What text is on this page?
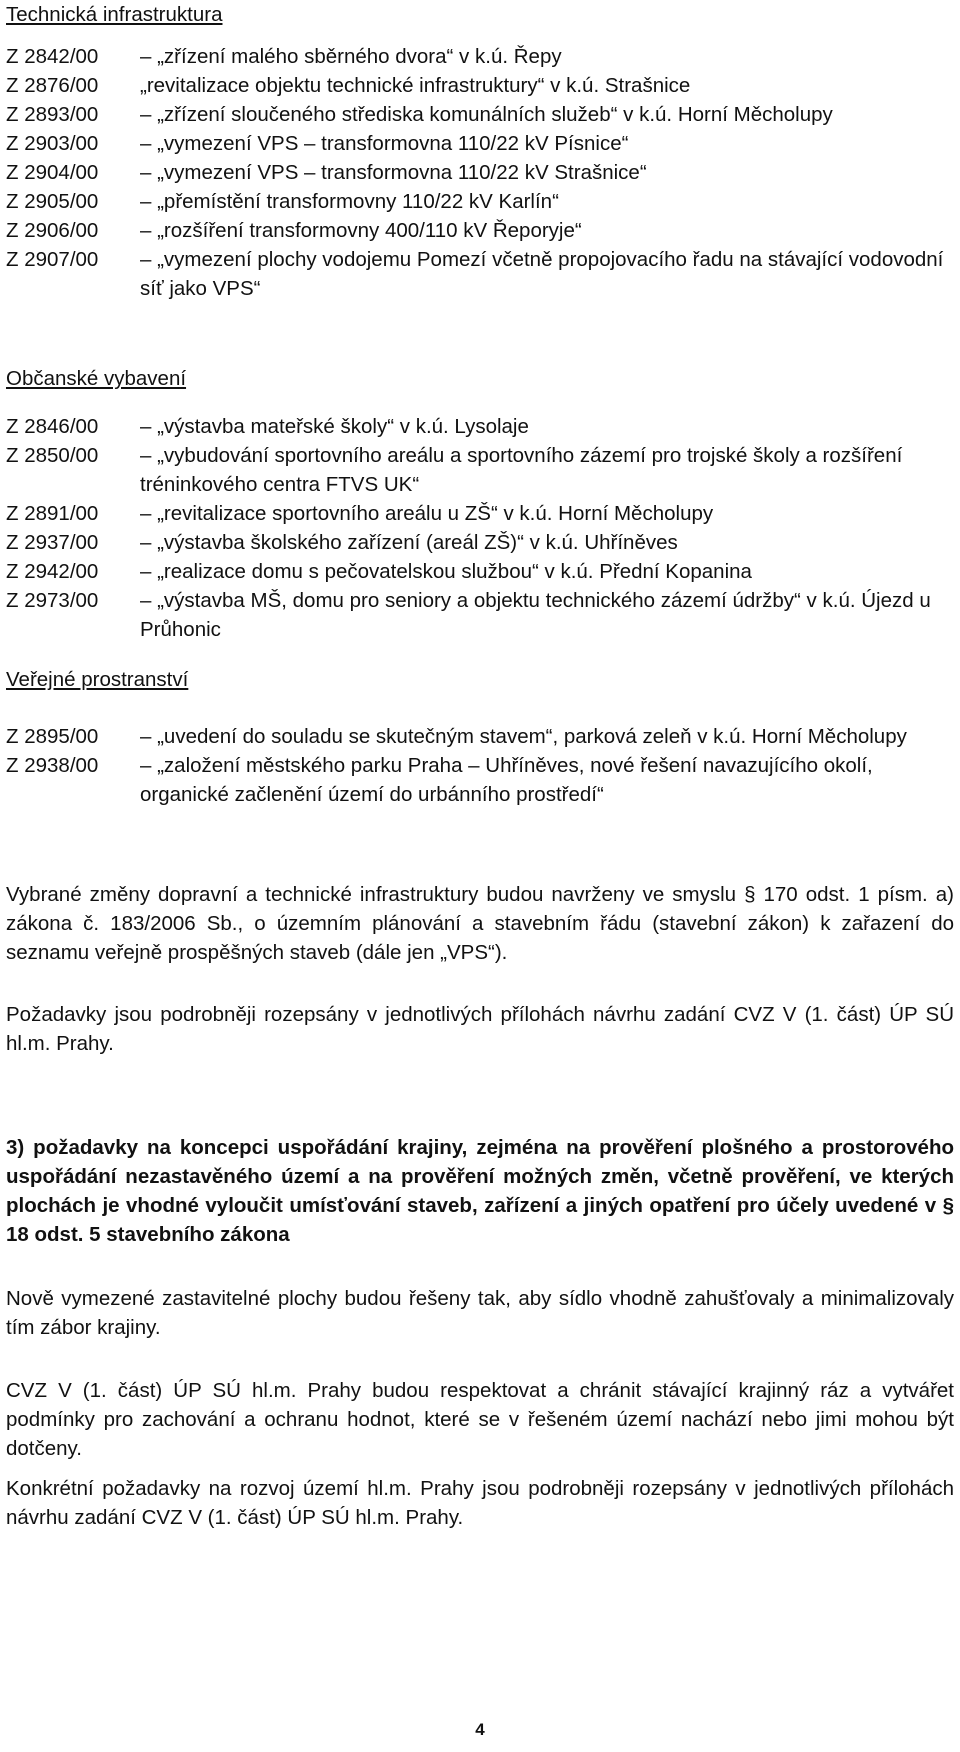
Technická infrastruktura
Z 2842/00	– „zřízení malého sběrného dvora“ v k.ú. Řepy
Z 2876/00	„revitalizace objektu technické infrastruktury“ v k.ú. Strašnice
Z 2893/00	– „zřízení sloučeného střediska komunálních služeb“ v k.ú. Horní Měcholupy
Z 2903/00	– „vymezení VPS – transformovna 110/22 kV Písnice“
Z 2904/00	– „vymezení VPS – transformovna 110/22 kV Strašnice“
Z 2905/00	– „přemístění transformovny 110/22 kV Karlín“
Z 2906/00	– „rozšíření transformovny 400/110 kV Řeporyje“
Z 2907/00	– „vymezení plochy vodojemu Pomezí včetně propojovacího řadu na stávající vodovodní síť jako VPS“
Občanské vybavení
Z 2846/00	– „výstavba mateřské školy“ v k.ú. Lysolaje
Z 2850/00	– „vybudování sportovního areálu a sportovního zázemí pro trojské školy a rozšíření tréninkového centra FTVS UK“
Z 2891/00	– „revitalizace sportovního areálu u ZŠ“ v k.ú. Horní Měcholupy
Z 2937/00	– „výstavba školského zařízení (areál ZŠ)“ v k.ú. Uhříněves
Z 2942/00	– „realizace domu s pečovatelskou službou“ v k.ú. Přední Kopanina
Z 2973/00	– „výstavba MŠ, domu pro seniory a objektu technického zázemí údržby“ v k.ú. Újezd u Průhonic
Veřejné prostranství
Z 2895/00	– „uvedení do souladu se skutečným stavem“, parková zeleň v k.ú. Horní Měcholupy
Z 2938/00	– „založení městského parku Praha – Uhříněves, nové řešení navazujícího okolí, organické začlenění území do urbánního prostředí“

Vybrané změny dopravní a technické infrastruktury budou navrženy ve smyslu § 170 odst. 1 písm. a) zákona č. 183/2006 Sb., o územním plánování a stavebním řádu (stavební zákon) k zařazení do seznamu veřejně prospěšných staveb (dále jen „VPS“).

Požadavky jsou podrobněji rozepsány v jednotlivých přílohách návrhu zadání CVZ V (1. část) ÚP SÚ hl.m. Prahy.

3) požadavky na koncepci uspořádání krajiny, zejména na prověření plošného a prostorového uspořádání nezastavěného území a na prověření možných změn, včetně prověření, ve kterých plochách je vhodné vyloučit umísťování staveb, zařízení a jiných opatření pro účely uvedené v § 18 odst. 5 stavebního zákona

Nově vymezené zastavitelné plochy budou řešeny tak, aby sídlo vhodně zahušťovaly a minimalizovaly tím zábor krajiny.

CVZ V (1. část) ÚP SÚ hl.m. Prahy budou respektovat a chránit stávající krajinný ráz a vytvářet podmínky pro zachování a ochranu hodnot, které se v řešeném území nachází nebo jimi mohou být dotčeny.

Konkrétní požadavky na rozvoj území hl.m. Prahy jsou podrobněji rozepsány v jednotlivých přílohách návrhu zadání CVZ V (1. část) ÚP SÚ hl.m. Prahy.

4
